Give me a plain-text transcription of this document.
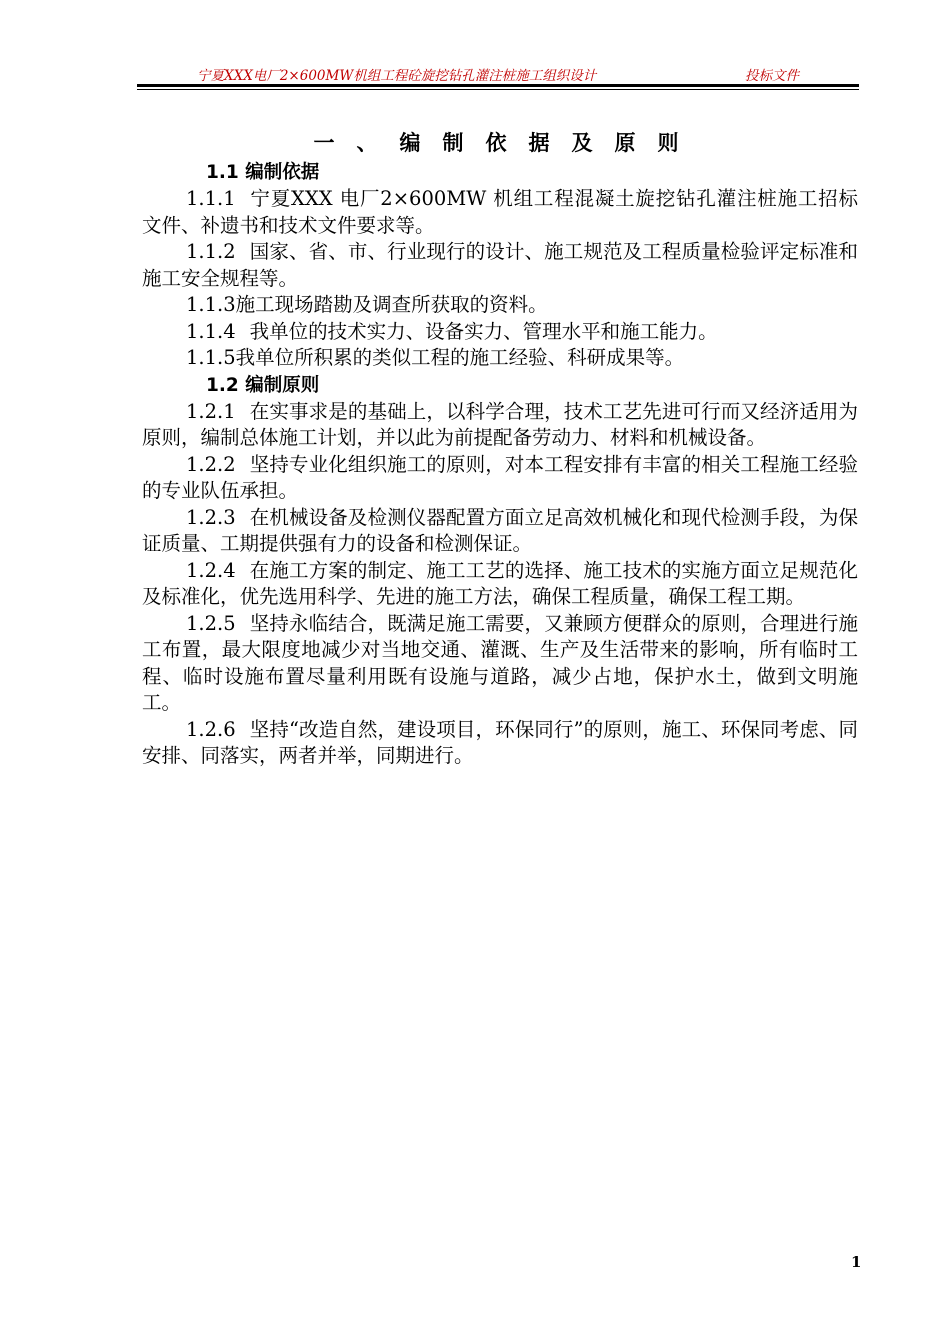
宁夏XXX电厂2×600MW机组工程砼旋挖钻孔灌注桩施工组织设计	投标文件
一、编制依据及原则
1.1 编制依据

1.1.1 宁夏XXX 电厂2×600MW 机组工程混凝土旋挖钻孔灌注桩施工招标文件、补遗书和技术文件要求等。

1.1.2 国家、省、市、行业现行的设计、施工规范及工程质量检验评定标准和施工安全规程等。

1.1.3施工现场踏勘及调查所获取的资料。

1.1.4 我单位的技术实力、设备实力、管理水平和施工能力。

1.1.5我单位所积累的类似工程的施工经验、科研成果等。

1.2 编制原则

1.2.1 在实事求是的基础上，以科学合理，技术工艺先进可行而又经济适用为原则，编制总体施工计划，并以此为前提配备劳动力、材料和机械设备。

1.2.2 坚持专业化组织施工的原则，对本工程安排有丰富的相关工程施工经验的专业队伍承担。

1.2.3 在机械设备及检测仪器配置方面立足高效机械化和现代检测手段，为保证质量、工期提供强有力的设备和检测保证。

1.2.4 在施工方案的制定、施工工艺的选择、施工技术的实施方面立足规范化及标准化，优先选用科学、先进的施工方法，确保工程质量，确保工程工期。

1.2.5 坚持永临结合，既满足施工需要，又兼顾方便群众的原则，合理进行施工布置，最大限度地减少对当地交通、灌溉、生产及生活带来的影响，所有临时工程、临时设施布置尽量利用既有设施与道路，减少占地，保护水土，做到文明施工。

1.2.6 坚持“改造自然，建设项目，环保同行”的原则，施工、环保同考虑、同安排、同落实，两者并举，同期进行。

1
